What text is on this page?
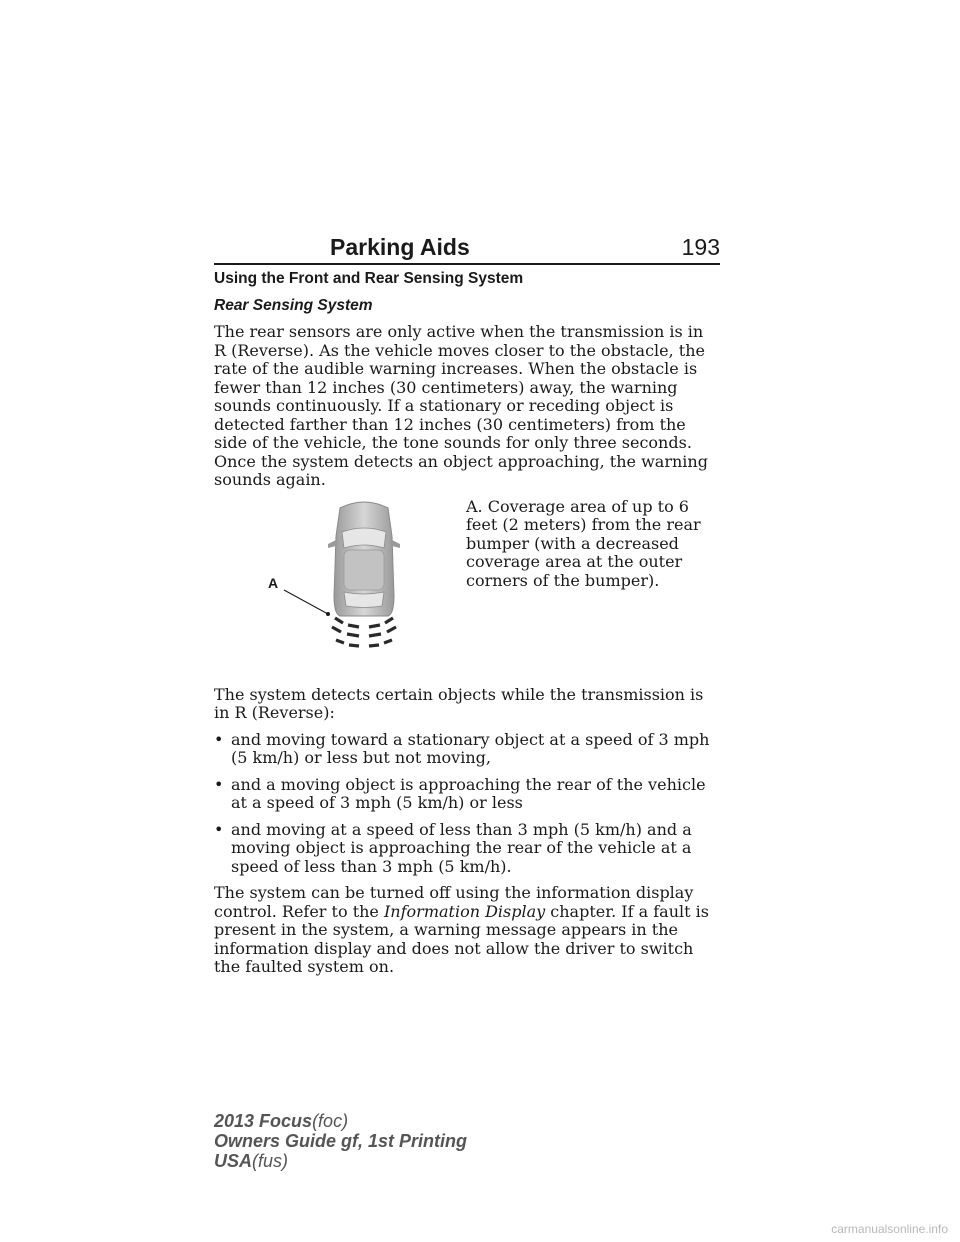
Parking Aids	193
Using the Front and Rear Sensing System
Rear Sensing System

The rear sensors are only active when the transmission is in R (Reverse). As the vehicle moves closer to the obstacle, the rate of the audible warning increases. When the obstacle is fewer than 12 inches (30 centimeters) away, the warning sounds continuously. If a stationary or receding object is detected farther than 12 inches (30 centimeters) from the side of the vehicle, the tone sounds for only three seconds. Once the system detects an object approaching, the warning sounds again.

A
A. Coverage area of up to 6 feet (2 meters) from the rear bumper (with a decreased coverage area at the outer corners of the bumper).

The system detects certain objects while the transmission is in R (Reverse):

• and moving toward a stationary object at a speed of 3 mph (5 km/h) or less but not moving,
• and a moving object is approaching the rear of the vehicle at a speed of 3 mph (5 km/h) or less
• and moving at a speed of less than 3 mph (5 km/h) and a moving object is approaching the rear of the vehicle at a speed of less than 3 mph (5 km/h).

The system can be turned off using the information display control. Refer to the Information Display chapter. If a fault is present in the system, a warning message appears in the information display and does not allow the driver to switch the faulted system on.

2013 Focus(foc)
Owners Guide gf, 1st Printing
USA(fus)
carmanualsonline.info
